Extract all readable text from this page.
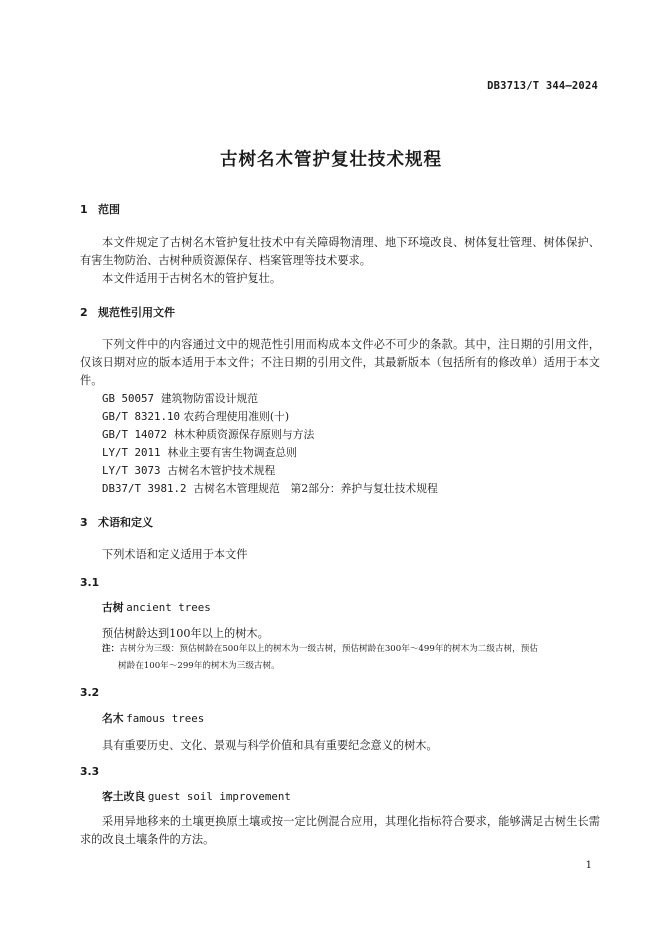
DB3713/T 344—2024
古树名木管护复壮技术规程
1 范围

本文件规定了古树名木管护复壮技术中有关障碍物清理、地下环境改良、树体复壮管理、树体保护、有害生物防治、古树种质资源保存、档案管理等技术要求。

本文件适用于古树名木的管护复壮。

2 规范性引用文件

下列文件中的内容通过文中的规范性引用而构成本文件必不可少的条款。其中，注日期的引用文件，仅该日期对应的版本适用于本文件；不注日期的引用文件，其最新版本（包括所有的修改单）适用于本文件。

GB 50057 建筑物防雷设计规范
GB/T 8321.10 农药合理使用准则(十)
GB/T 14072 林木种质资源保存原则与方法
LY/T 2011 林业主要有害生物调查总则
LY/T 3073 古树名木管护技术规程
DB37/T 3981.2 古树名木管理规范　第2部分：养护与复壮技术规程
3 术语和定义
下列术语和定义适用于本文件
3.1
古树 ancient trees
预估树龄达到100年以上的树木。
注：古树分为三级：预估树龄在500年以上的树木为一级古树，预估树龄在300年～499年的树木为二级古树，预估
树龄在100年～299年的树木为三级古树。
3.2
名木 famous trees
具有重要历史、文化、景观与科学价值和具有重要纪念意义的树木。
3.3
客土改良 guest soil improvement

采用异地移来的土壤更换原土壤或按一定比例混合应用，其理化指标符合要求，能够满足古树生长需求的改良土壤条件的方法。

1
